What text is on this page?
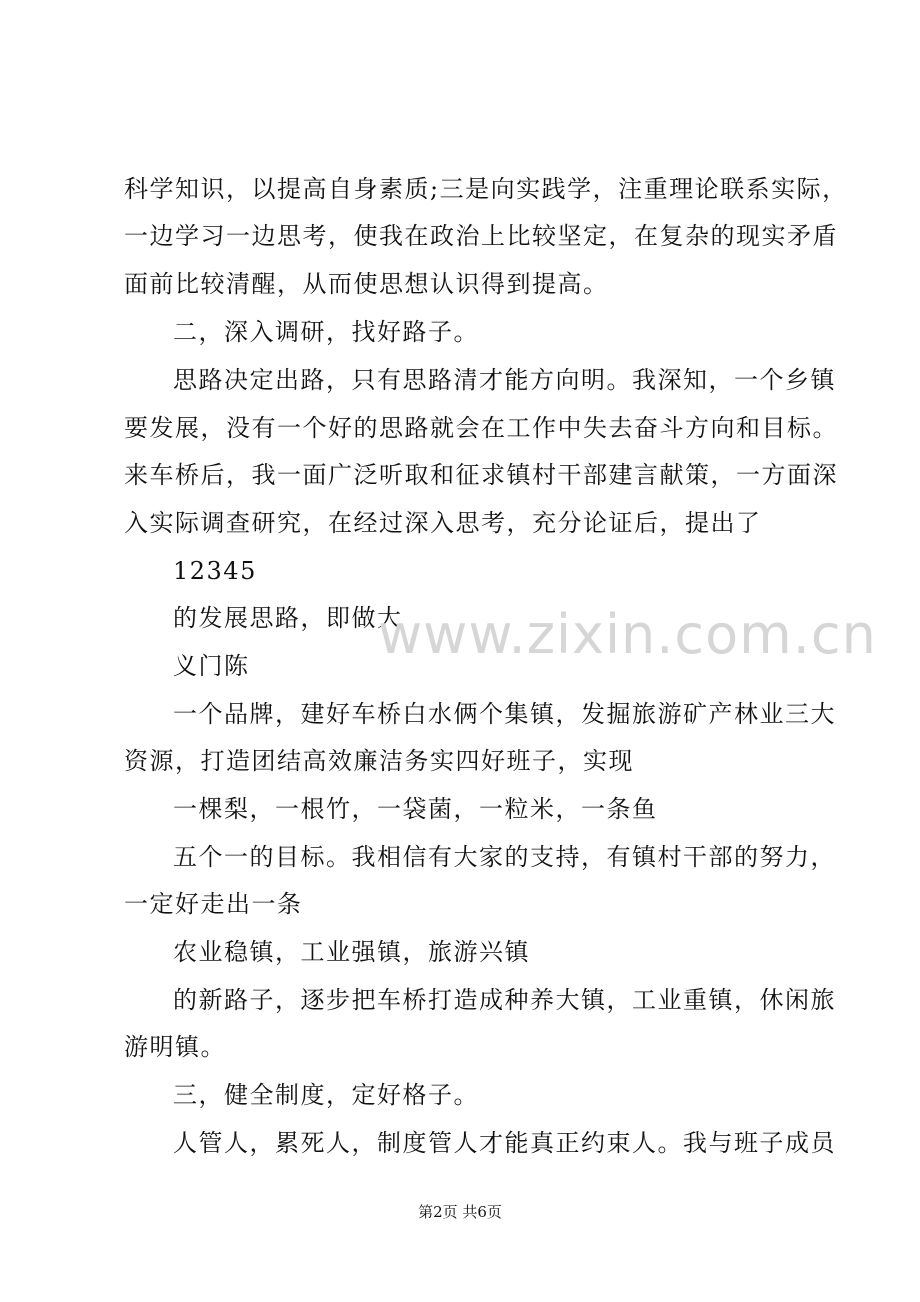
科学知识，以提高自身素质;三是向实践学，注重理论联系实际，
一边学习一边思考，使我在政治上比较坚定，在复杂的现实矛盾
面前比较清醒，从而使思想认识得到提高。
二，深入调研，找好路子。
思路决定出路，只有思路清才能方向明。我深知，一个乡镇
要发展，没有一个好的思路就会在工作中失去奋斗方向和目标。
来车桥后，我一面广泛听取和征求镇村干部建言献策，一方面深
入实际调查研究，在经过深入思考，充分论证后，提出了
12345
的发展思路，即做大
义门陈
一个品牌，建好车桥白水俩个集镇，发掘旅游矿产林业三大
资源，打造团结高效廉洁务实四好班子，实现
一棵梨，一根竹，一袋菌，一粒米，一条鱼
五个一的目标。我相信有大家的支持，有镇村干部的努力，
一定好走出一条
农业稳镇，工业强镇，旅游兴镇
的新路子，逐步把车桥打造成种养大镇，工业重镇，休闲旅
游明镇。
三，健全制度，定好格子。
人管人，累死人，制度管人才能真正约束人。我与班子成员
www.zixin.com.cn
第2页 共6页
